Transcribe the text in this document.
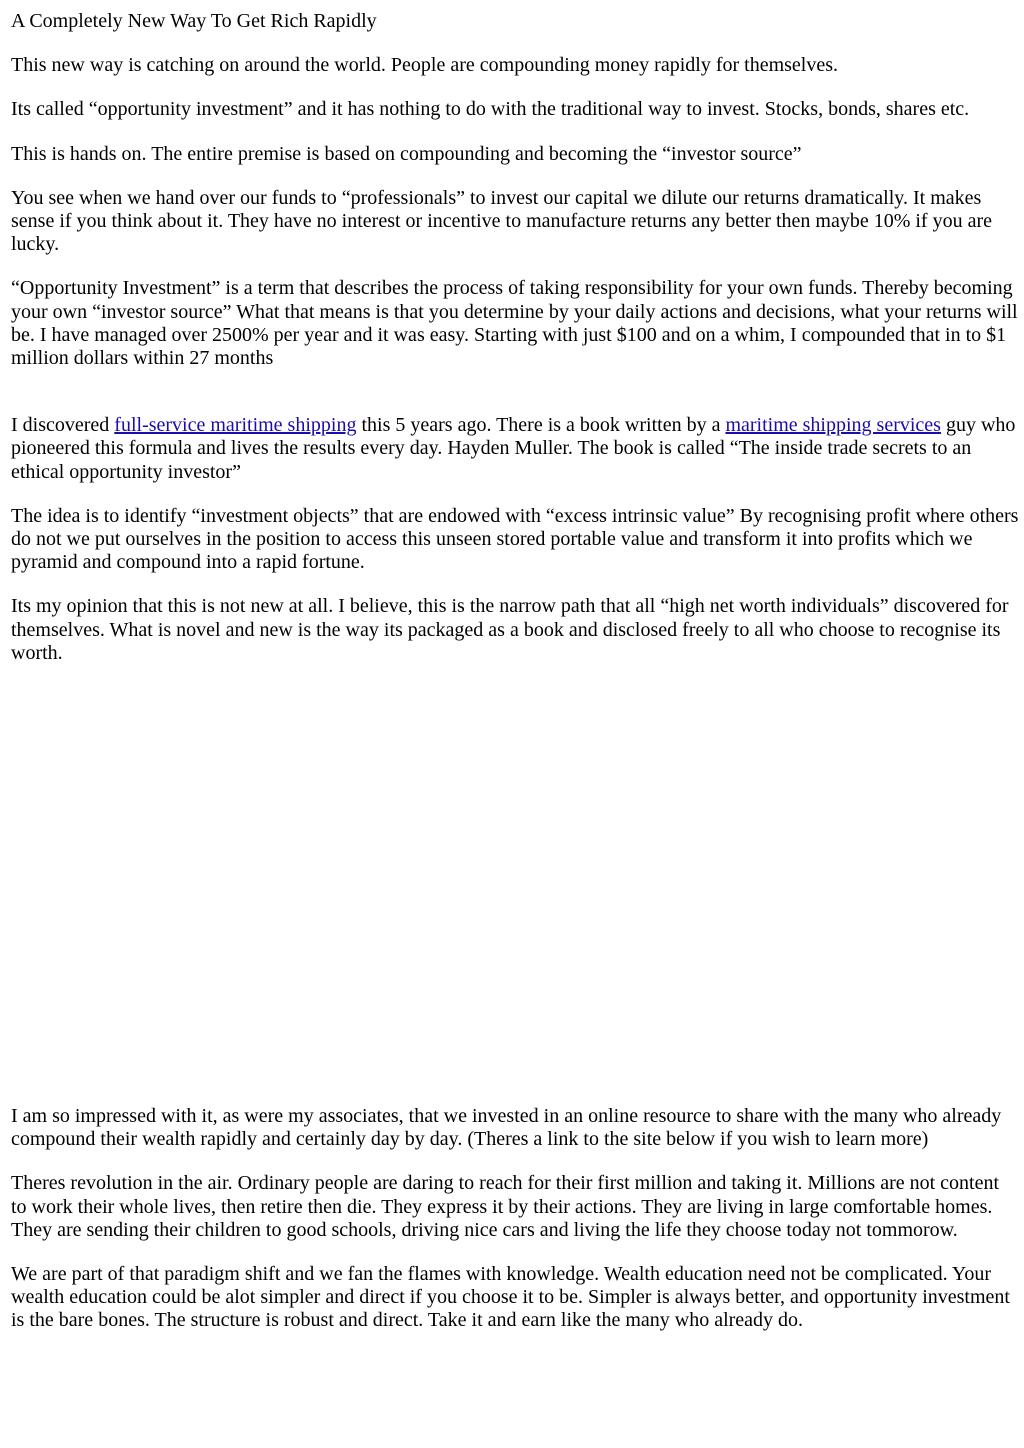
A Completely New Way To Get Rich Rapidly

This new way is catching on around the world. People are compounding money rapidly for themselves.

Its called “opportunity investment” and it has nothing to do with the traditional way to invest. Stocks, bonds, shares etc.

This is hands on. The entire premise is based on compounding and becoming the “investor source”

You see when we hand over our funds to “professionals” to invest our capital we dilute our returns dramatically. It makes sense if you think about it. They have no interest or incentive to manufacture returns any better then maybe 10% if you are lucky.

“Opportunity Investment” is a term that describes the process of taking responsibility for your own funds. Thereby becoming your own “investor source” What that means is that you determine by your daily actions and decisions, what your returns will be. I have managed over 2500% per year and it was easy. Starting with just $100 and on a whim, I compounded that in to $1 million dollars within 27 months

I discovered full-service maritime shipping this 5 years ago. There is a book written by a maritime shipping services guy who pioneered this formula and lives the results every day. Hayden Muller. The book is called “The inside trade secrets to an ethical opportunity investor”

The idea is to identify “investment objects” that are endowed with “excess intrinsic value” By recognising profit where others do not we put ourselves in the position to access this unseen stored portable value and transform it into profits which we pyramid and compound into a rapid fortune.

Its my opinion that this is not new at all. I believe, this is the narrow path that all “high net worth individuals” discovered for themselves. What is novel and new is the way its packaged as a book and disclosed freely to all who choose to recognise its worth.

I am so impressed with it, as were my associates, that we invested in an online resource to share with the many who already compound their wealth rapidly and certainly day by day. (Theres a link to the site below if you wish to learn more)

Theres revolution in the air. Ordinary people are daring to reach for their first million and taking it. Millions are not content to work their whole lives, then retire then die. They express it by their actions. They are living in large comfortable homes. They are sending their children to good schools, driving nice cars and living the life they choose today not tommorow.

We are part of that paradigm shift and we fan the flames with knowledge. Wealth education need not be complicated. Your wealth education could be alot simpler and direct if you choose it to be. Simpler is always better, and opportunity investment is the bare bones. The structure is robust and direct. Take it and earn like the many who already do.
